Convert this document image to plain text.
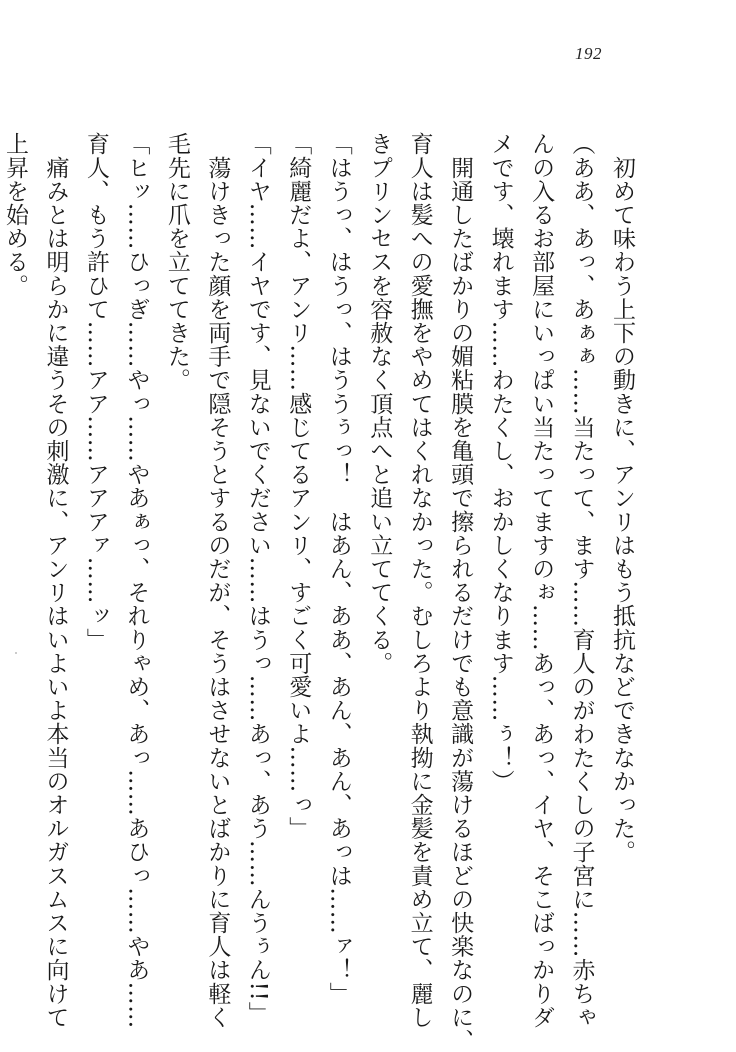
192
　初めて味わう上下の動きに、アンリはもう抵抗などできなかった。
（ああ、あっ、あぁぁ……当たって、ます……育人のがわたくしの子宮に……赤ちゃ
んの入るお部屋にいっぱい当たってますのぉ……あっ、あっ、イヤ、そこばっかりダ
メです、壊れます……わたくし、おかしくなります……ぅ！）
　開通したばかりの媚粘膜を亀頭で擦られるだけでも意識が蕩けるほどの快楽なのに、
育人は髪への愛撫をやめてはくれなかった。むしろより執拗に金髪を責め立て、麗し
きプリンセスを容赦なく頂点へと追い立ててくる。
「はうっ、はうっ、はううぅっ！　はあん、ああ、あん、あん、あっは……ァ！」
「綺麗だよ、アンリ……感じてるアンリ、すごく可愛いよ……っ」
「イヤ……イヤです、見ないでください……はうっ……あっ、あう……んうぅん!!」
　蕩けきった顔を両手で隠そうとするのだが、そうはさせないとばかりに育人は軽く
毛先に爪を立ててきた。
「ヒッ……ひっぎ……やっ……やあぁっ、それりゃめ、あっ……あひっ……やあ……
育人、もう許ひて……アア……アアアァ……ッ」
　痛みとは明らかに違うその刺激に、アンリはいよいよ本当のオルガスムスに向けて
上昇を始める。
